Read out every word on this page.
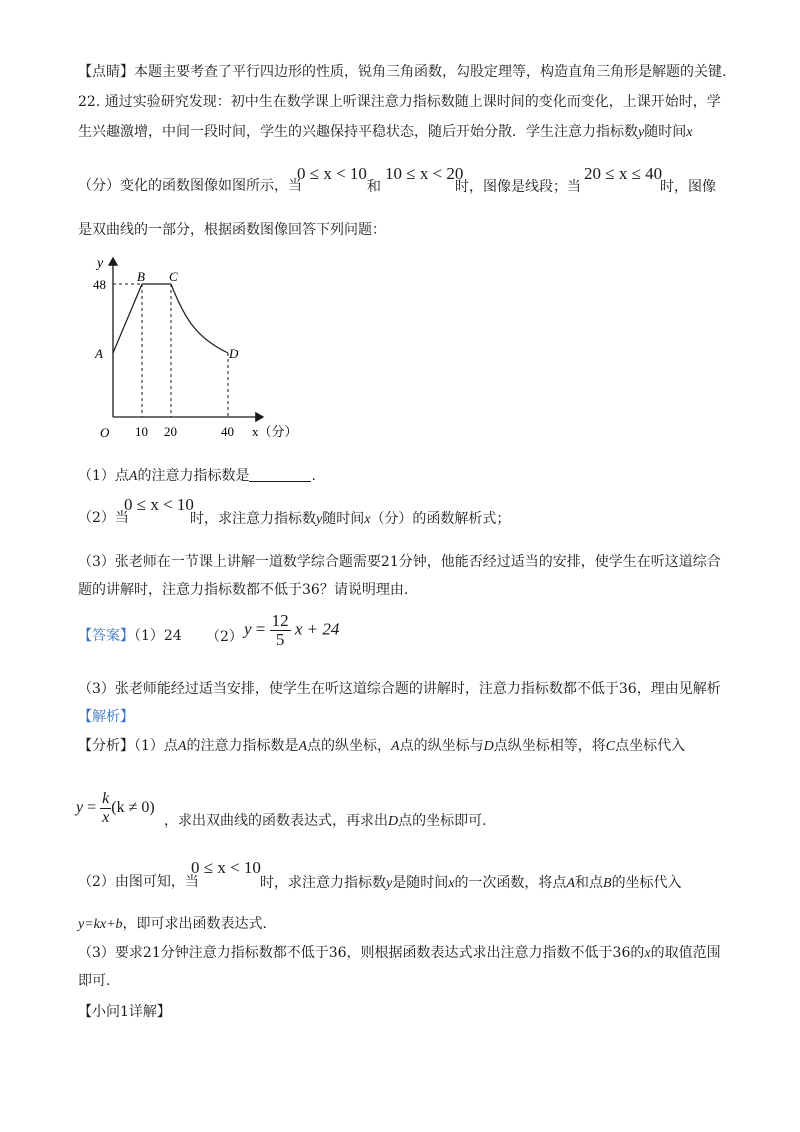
【点睛】本题主要考查了平行四边形的性质，锐角三角函数，勾股定理等，构造直角三角形是解题的关键.
22. 通过实验研究发现：初中生在数学课上听课注意力指标数随上课时间的变化而变化，上课开始时，学
生兴趣激增，中间一段时间，学生的兴趣保持平稳状态，随后开始分散．学生注意力指标数y随时间x
（分）变化的函数图像如图所示，当
0 ≤ x < 10
和
10 ≤ x < 20
时，图像是线段；当
20 ≤ x ≤ 40
时，图像
是双曲线的一部分，根据函数图像回答下列问题：
y
48
A
B C
D
O 10 20	40 x（分）
（1）点A的注意力指标数是	.
（2）当
0 ≤ x < 10
时，求注意力指标数y随时间x（分）的函数解析式；
（3）张老师在一节课上讲解一道数学综合题需要21分钟，他能否经过适当的安排，使学生在听这道综合
题的讲解时，注意力指标数都不低于36？请说明理由.
【答案】（1）24 （2） $y = \frac{12}{5}$ x + 24
（3）张老师能经过适当安排，使学生在听这道综合题的讲解时，注意力指标数都不低于36，理由见解析
【解析】
【分析】（1）点A的注意力指标数是A点的纵坐标，A点的纵坐标与D点纵坐标相等，将C点坐标代入
$y = \frac{k}{x} (k \ne 0)$
，求出双曲线的函数表达式，再求出D点的坐标即可.
（2）由图可知，当
0 ≤ x < 10
时，求注意力指标数y是随时间x的一次函数，将点A和点B的坐标代入
y=kx+b，即可求出函数表达式.
（3）要求21分钟注意力指标数都不低于36，则根据函数表达式求出注意力指数不低于36的x的取值范围
即可.
【小问1详解】
